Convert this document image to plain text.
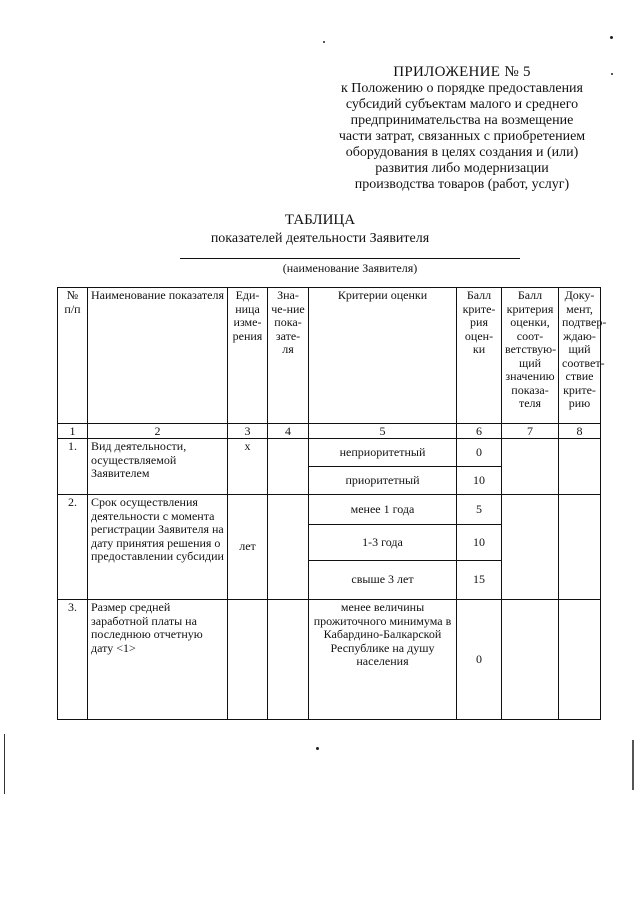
ПРИЛОЖЕНИЕ № 5
к Положению о порядке предоставления
субсидий субъектам малого и среднего
предпринимательства на возмещение
части затрат, связанных с приобретением
оборудования в целях создания и (или)
развития либо модернизации
производства товаров (работ, услуг)
ТАБЛИЦА
показателей деятельности Заявителя
(наименование Заявителя)
№ п/п	Наименование показателя	Еди-ница изме-рения	Зна-че-ние пока-зате-ля	Критерии оценки	Балл крите-рия оцен-ки	Балл критерия оценки, соот-ветствую-щий значению показа-теля	Доку-мент, подтвер-ждаю-щий соответ-ствие крите-рию
1	2	3	4	5	6	7	8
1.	Вид деятельности, осуществляемой Заявителем	х		неприоритетный	0		
				приоритетный	10		
2.	Срок осуществления деятельности с момента регистрации Заявителя на дату принятия решения о предоставлении субсидии	лет		менее 1 года	5		
				1-3 года	10		
				свыше 3 лет	15		
3.	Размер средней заработной платы на последнюю отчетную дату <1>			менее величины прожиточного минимума в Кабардино-Балкарской Республике на душу населения	0		
